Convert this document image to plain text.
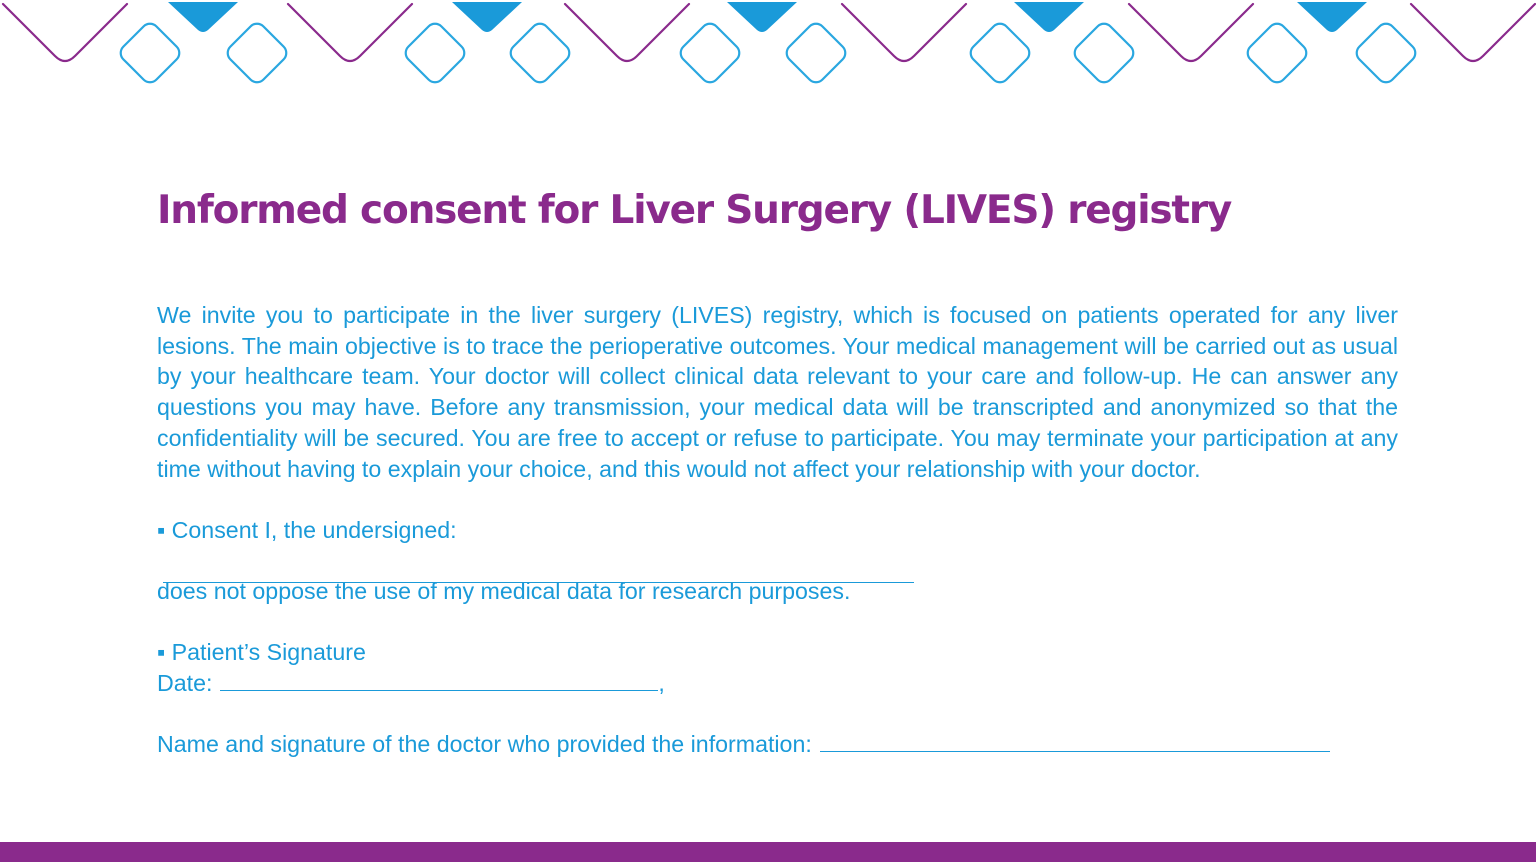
Informed consent for Liver Surgery (LIVES) registry

We invite you to participate in the liver surgery (LIVES) registry, which is focused on patients operated for any liver lesions. The main objective is to trace the perioperative outcomes. Your medical management will be carried out as usual by your healthcare team. Your doctor will collect clinical data relevant to your care and follow-up. He can answer any questions you may have. Before any transmission, your medical data will be transcripted and anonymized so that the confidentiality will be secured. You are free to accept or refuse to participate. You may terminate your participation at any time without having to explain your choice, and this would not affect your relationship with your doctor.

▪ Consent I, the undersigned:
does not oppose the use of my medical data for research purposes.
▪ Patient’s Signature
Date:	,
Name and signature of the doctor who provided the information:
